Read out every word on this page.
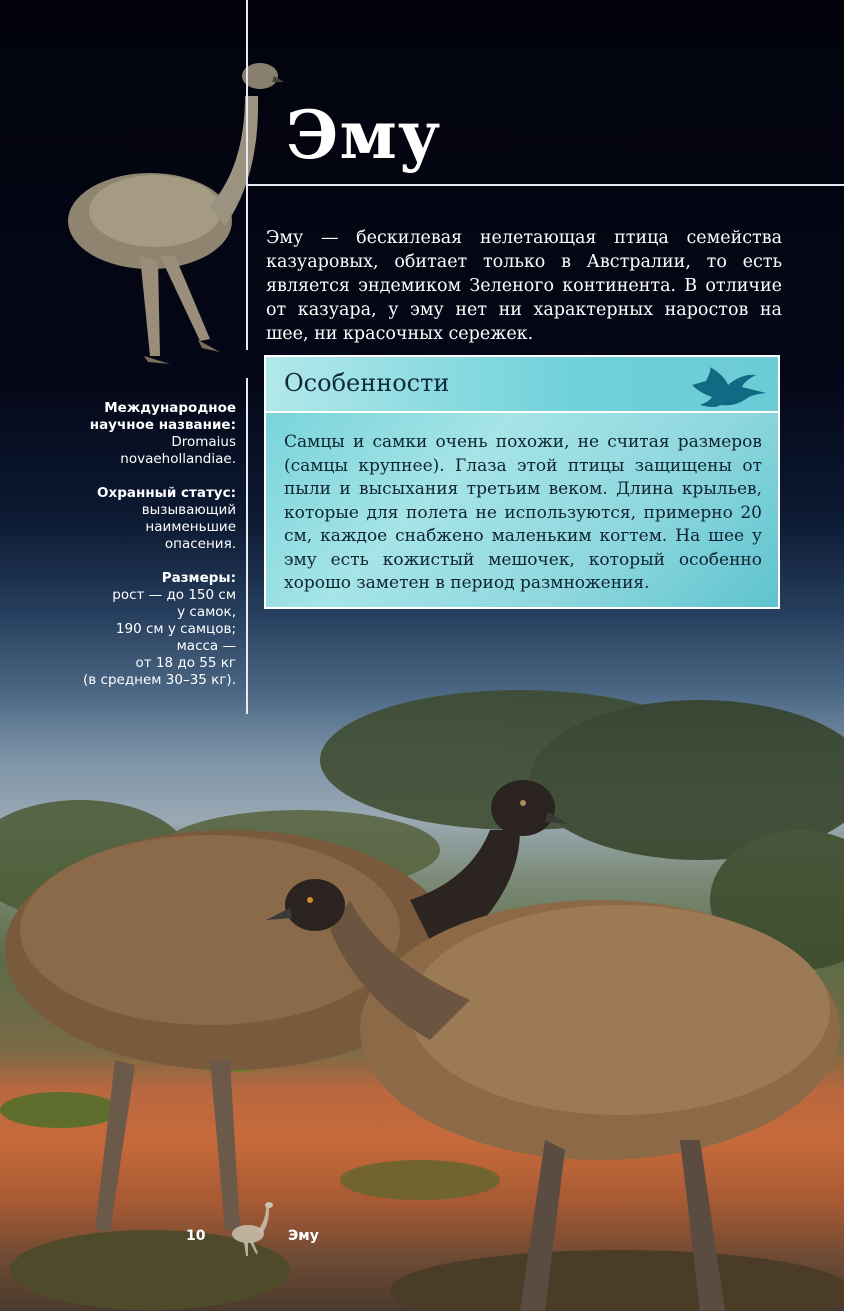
Эму

Эму — бескилевая нелетающая птица семейства казуаровых, обитает только в Австралии, то есть является эндемиком Зеленого континента. В отличие от казуара, у эму нет ни характерных наростов на шее, ни красочных сережек.

Особенности

Самцы и самки очень похожи, не считая размеров (самцы крупнее). Глаза этой птицы защищены от пыли и высыхания третьим веком. Длина крыльев, которые для полета не используются, примерно 20 см, каждое снабжено маленьким когтем. На шее у эму есть кожистый мешочек, который особенно хорошо заметен в период размножения.

Международное
научное название:
Dromaius
novaehollandiae.
Охранный статус:
вызывающий
наименьшие
опасения.
Размеры:
рост — до 150 см
у самок,
190 см у самцов;
масса —
от 18 до 55 кг
(в среднем 30–35 кг).
10	Эму
